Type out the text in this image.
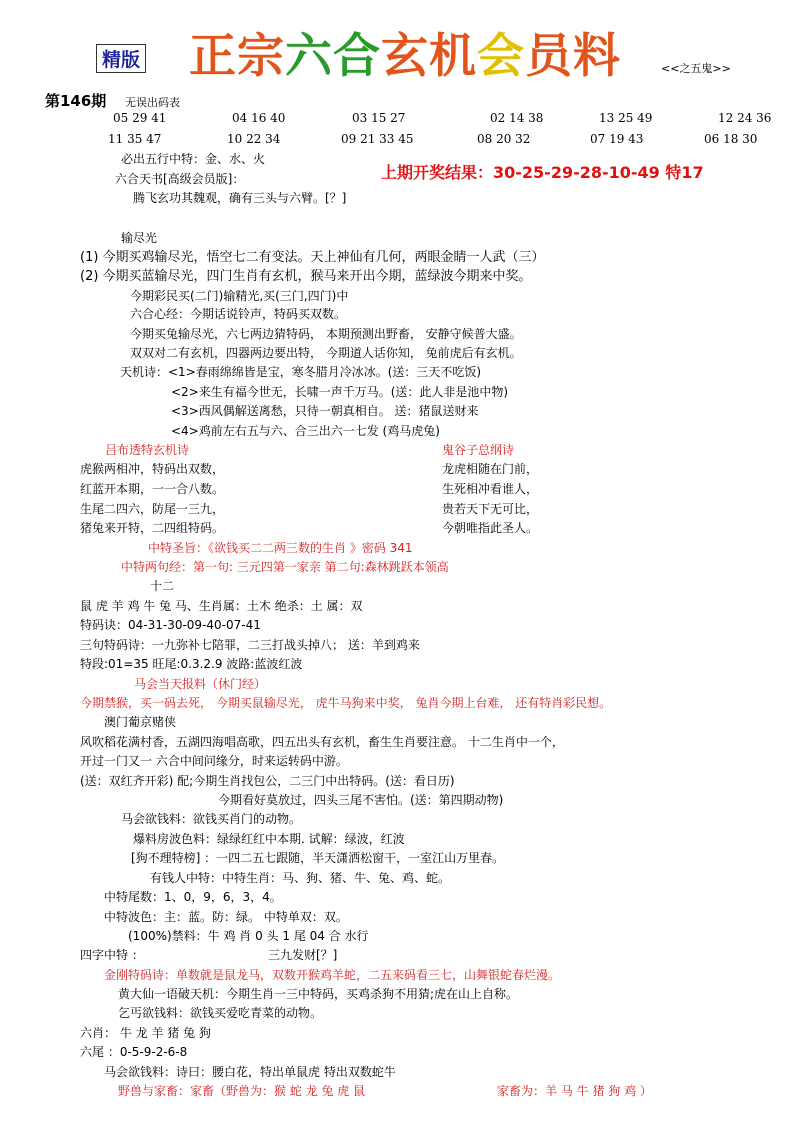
精版 正宗六合玄机会员料	<<之五鬼>>
第146期 无误出码表
05 29 41	04 16 40	03 15 27	02 14 38	13 25 49	12 24 36
11 35 47	10 22 34	09 21 33 45	08 20 32	07 19 43	06 18 30
上期开奖结果：30-25-29-28-10-49 特17
必出五行中特：金、水、火
六合天书[高级会员版]：
腾飞玄功其魏观，确有三头与六臂。[？]
输尽光
(1) 今期买鸡输尽光，悟空七二有变法。天上神仙有几何，两眼金睛一人武（三）
(2) 今期买蓝输尽光，四门生肖有玄机，猴马来开出今期，蓝绿波今期来中奖。
今期彩民买(二门)输精光,买(三门,四门)中
六合心经：今期话说铃声，特码买双数。
今期买兔输尽光，六七两边猜特码， 本期预测出野畜， 安静守候普大盛。
双双对二有玄机，四器两边要出特， 今期道人话你知， 兔前虎后有玄机。
天机诗：<1>春雨绵绵皆是宝，寒冬腊月冷冰冰。(送：三天不吃饭)
<2>来生有福今世无，长啸一声千万马。(送：此人非是池中物)
<3>西风偶解送离愁，只待一朝真相自。 送：猪鼠送财来
<4>鸡前左右五与六、合三出六一七发 (鸡马虎兔)
吕布透特玄机诗	鬼谷子总纲诗
虎猴两相冲，特码出双数，	龙虎相随在门前，
红蓝开本期，一一合八数。	生死相冲看谁人，
生尾二四六，防尾一三九，	贵若天下无可比，
猪兔来开特，二四组特码。	今朝唯指此圣人。
中特圣旨：《欲钱买二二两三数的生肖 》密码 341
中特两句经：第一句: 三元四第一家亲 第二句:森林跳跃本领高
十二
鼠 虎 羊 鸡 牛 兔 马、生肖属：土木 绝杀：土 属：双
特码诀：04-31-30-09-40-07-41
三句特码诗：一九弥补七陪罪，二三打战头掉八； 送：羊到鸡来
特段:01=35 旺尾:0.3.2.9 波路:蓝波红波
马会当天报料（休门经）
今期禁猴，买一码去死， 今期买鼠输尽光， 虎牛马狗来中奖， 兔肖今期上台难， 还有特肖彩民想。
澳门葡京赌侠
风吹稻花满村香，五湖四海唱高歌，四五出头有玄机，畜生生肖要注意。 十二生肖中一个，
开过一门又一 六合中间问缘分，时来运转码中游。
(送：双红齐开彩) 配;今期生肖找包公，二三门中出特码。(送：看日历)
今期看好莫放过，四头三尾不害怕。(送：第四期动物)
马会欲钱料：欲钱买肖门的动物。
爆料房波色料：绿绿红红中本期. 试解：绿波，红波
[狗不理特榜] ：一四二五七跟随，半天潇洒松窗干，一室江山万里春。
有钱人中特：中特生肖：马、狗、猪、牛、兔、鸡、蛇。
中特尾数：1、0，9，6，3，4。
中特波色：主：蓝。防：绿。 中特单双：双。
(100%)禁料：牛 鸡 肖 0 头 1 尾 04 合 水行
四字中特 ：	三九发财[？]
金刚特码诗：单数就是鼠龙马，双数开猴鸡羊蛇，二五来码看三七，山舞银蛇春烂漫。
黄大仙一语破天机：今期生肖一三中特码，买鸡杀狗不用猜;虎在山上自称。
乞丐欲钱料：欲钱买爱吃青菜的动物。
六肖： 牛 龙 羊 猪 兔 狗
六尾 ：0-5-9-2-6-8
马会欲钱料：诗曰：腰白花，特出单鼠虎 特出双数蛇牛
野兽与家畜：家畜（野兽为：猴 蛇 龙 兔 虎 鼠	家畜为：羊 马 牛 猪 狗 鸡 ）
